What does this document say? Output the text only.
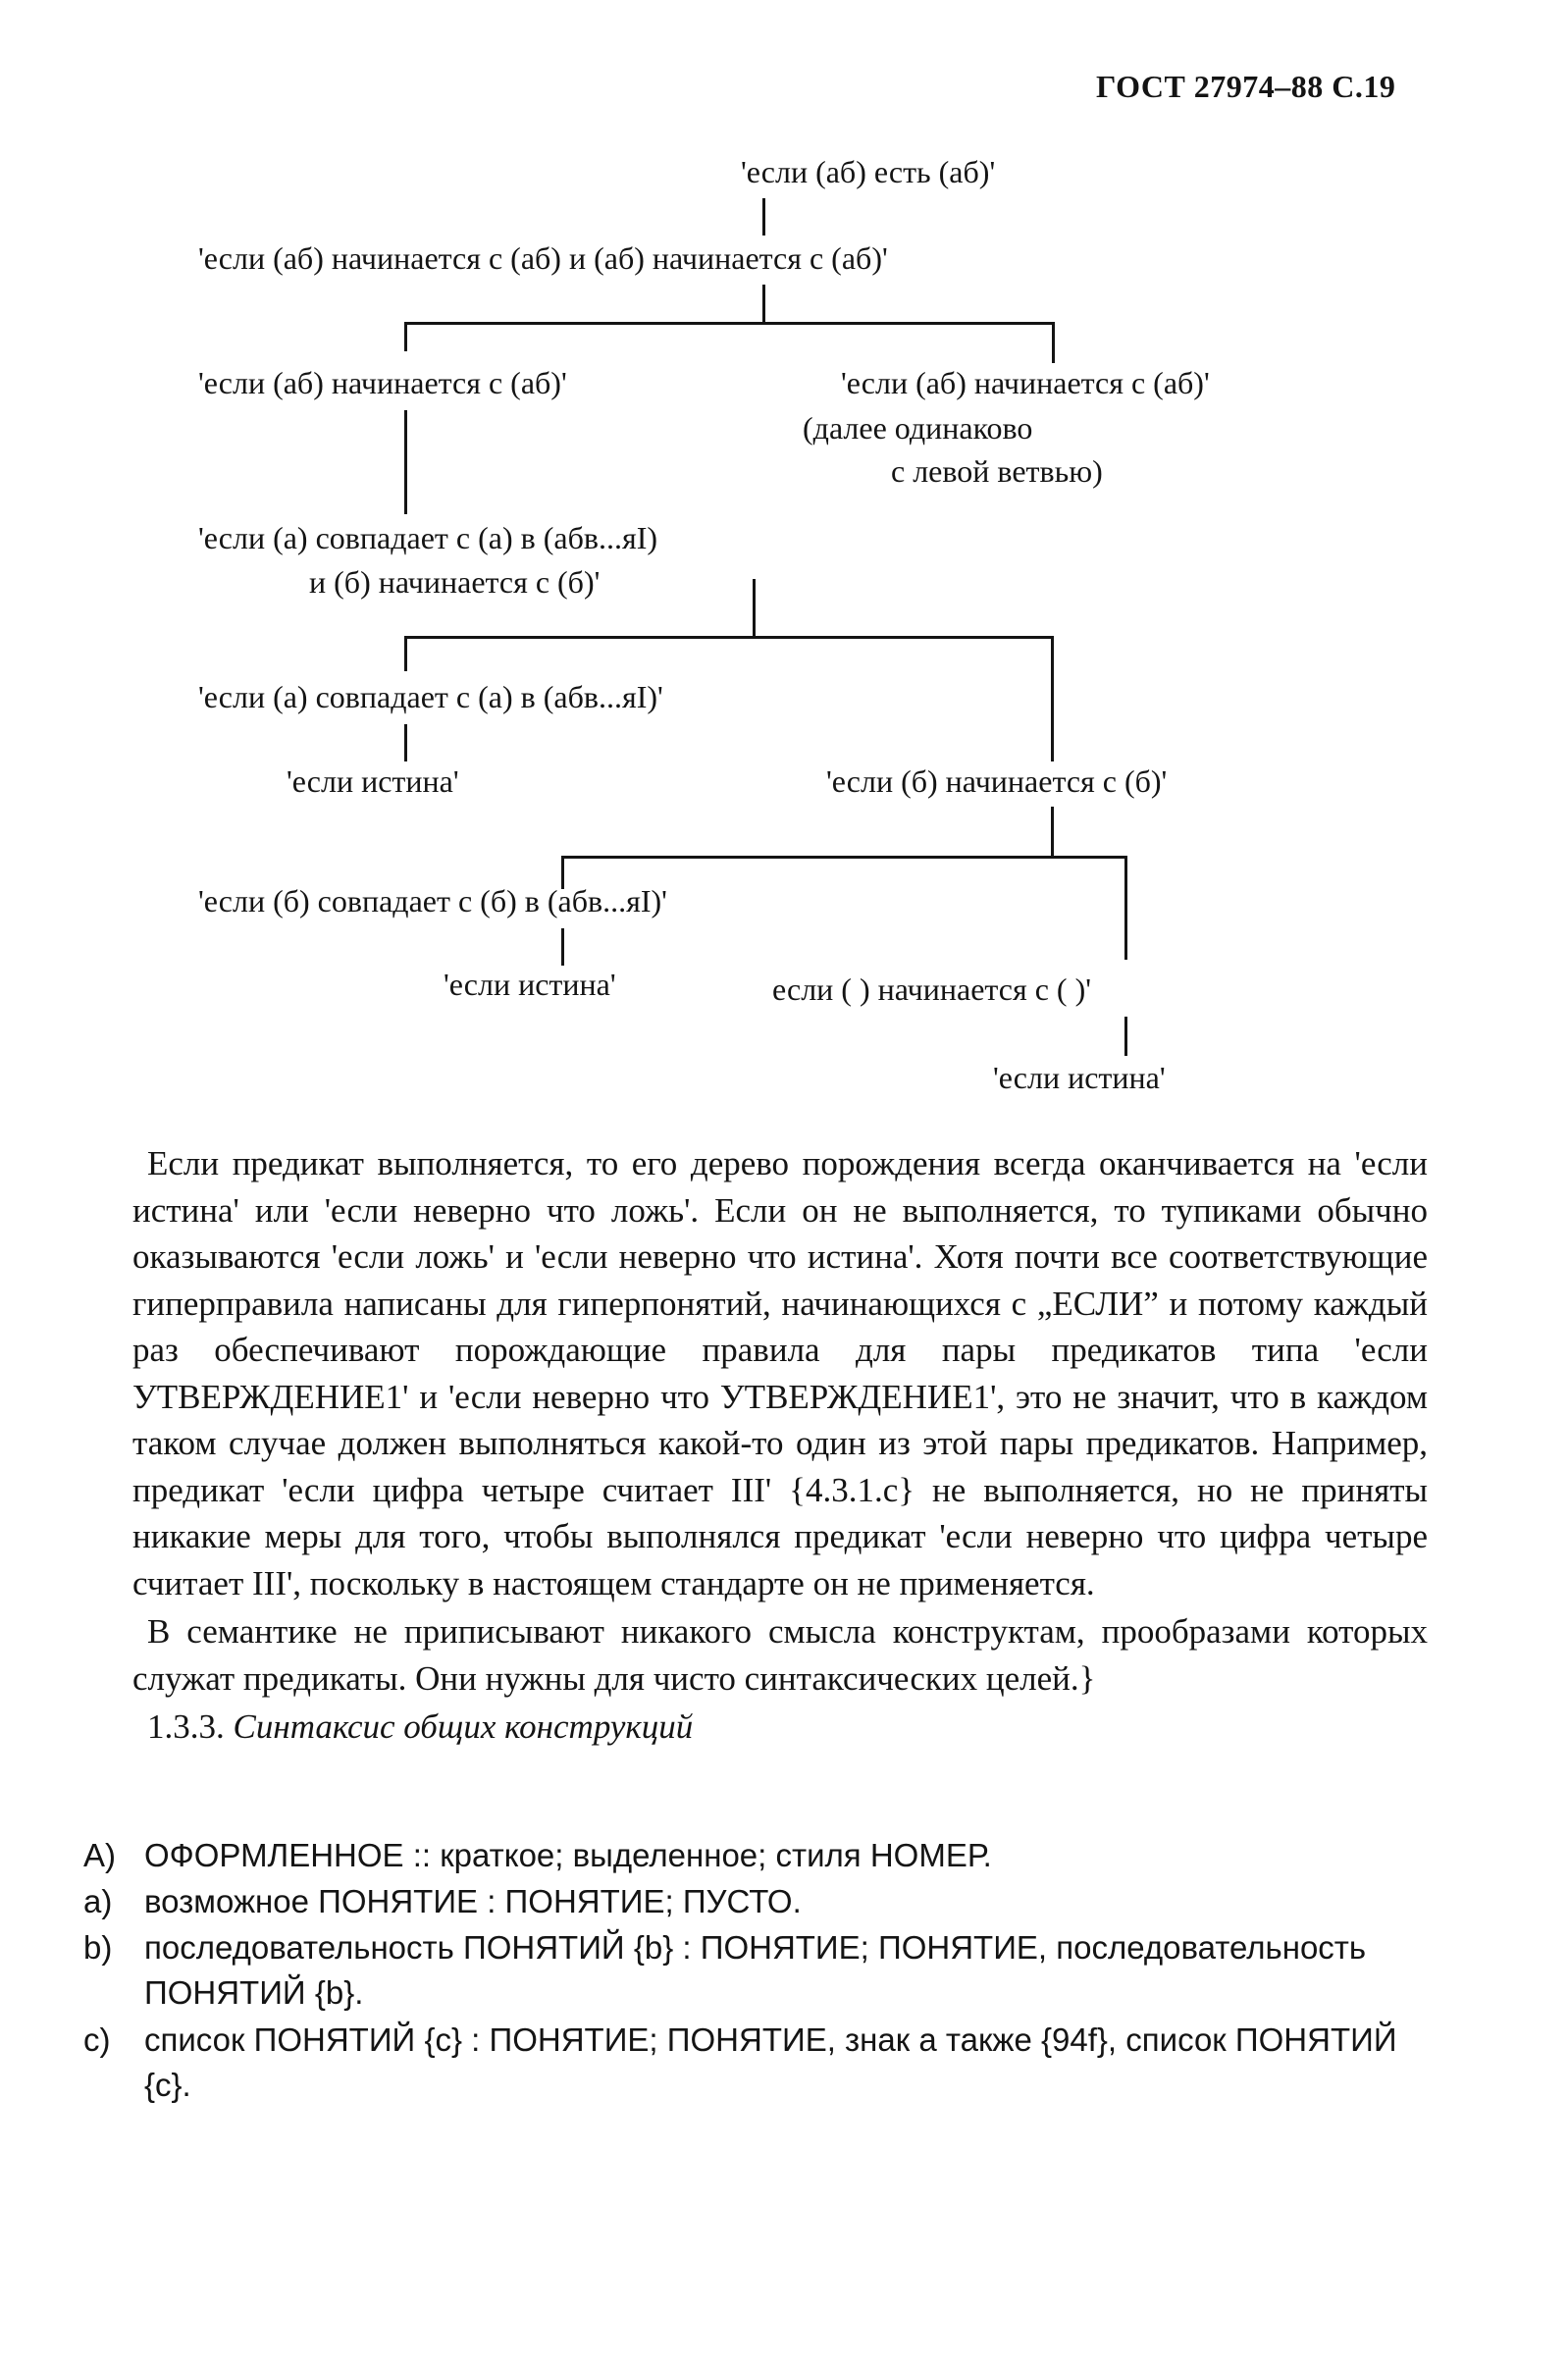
ГОСТ 27974–88 С.19
'если (аб) есть (аб)'
'если (аб) начинается с (аб) и (аб) начинается с (аб)'
'если (аб) начинается с (аб)'	'если (аб) начинается с (аб)'
(далее одинаково
с левой ветвью)
'если (а) совпадает с (а) в (абв...яI)
и (б) начинается с (б)'
'если (а) совпадает с (а) в (абв...яI)'
'если истина'	'если (б) начинается с (б)'
'если (б) совпадает с (б) в (абв...яI)'
'если истина'	если ( ) начинается с ( )'
'если истина'

Если предикат выполняется, то его дерево порождения всегда оканчивается на 'если истина' или 'если неверно что ложь'. Если он не выполняется, то тупиками обычно оказываются 'если ложь' и 'если неверно что истина'. Хотя почти все соответствующие гиперправила написаны для гиперпонятий, начинающихся с „ЕСЛИ” и потому каждый раз обеспечивают порождающие правила для пары предикатов типа 'если УТВЕРЖДЕНИЕ1' и 'если неверно что УТВЕРЖДЕНИЕ1', это не значит, что в каждом таком случае должен выполняться какой-то один из этой пары предикатов. Например, предикат 'если цифра четыре считает III' {4.3.1.c} не выполняется, но не приняты никакие меры для того, чтобы выполнялся предикат 'если неверно что цифра четыре считает III', поскольку в настоящем стандарте он не применяется.

В семантике не приписывают никакого смысла конструктам, прообразами которых служат предикаты. Они нужны для чисто синтаксических целей.}

1.3.3. Синтаксис общих конструкций

A) ОФОРМЛЕННОЕ :: краткое; выделенное; стиля НОМЕР.
a) возможное ПОНЯТИЕ : ПОНЯТИЕ; ПУСТО.
b) последовательность ПОНЯТИЙ {b} : ПОНЯТИЕ; ПОНЯТИЕ, последовательность ПОНЯТИЙ {b}.
c) список ПОНЯТИЙ {c} : ПОНЯТИЕ; ПОНЯТИЕ, знак а также {94f}, список ПОНЯТИЙ {c}.
